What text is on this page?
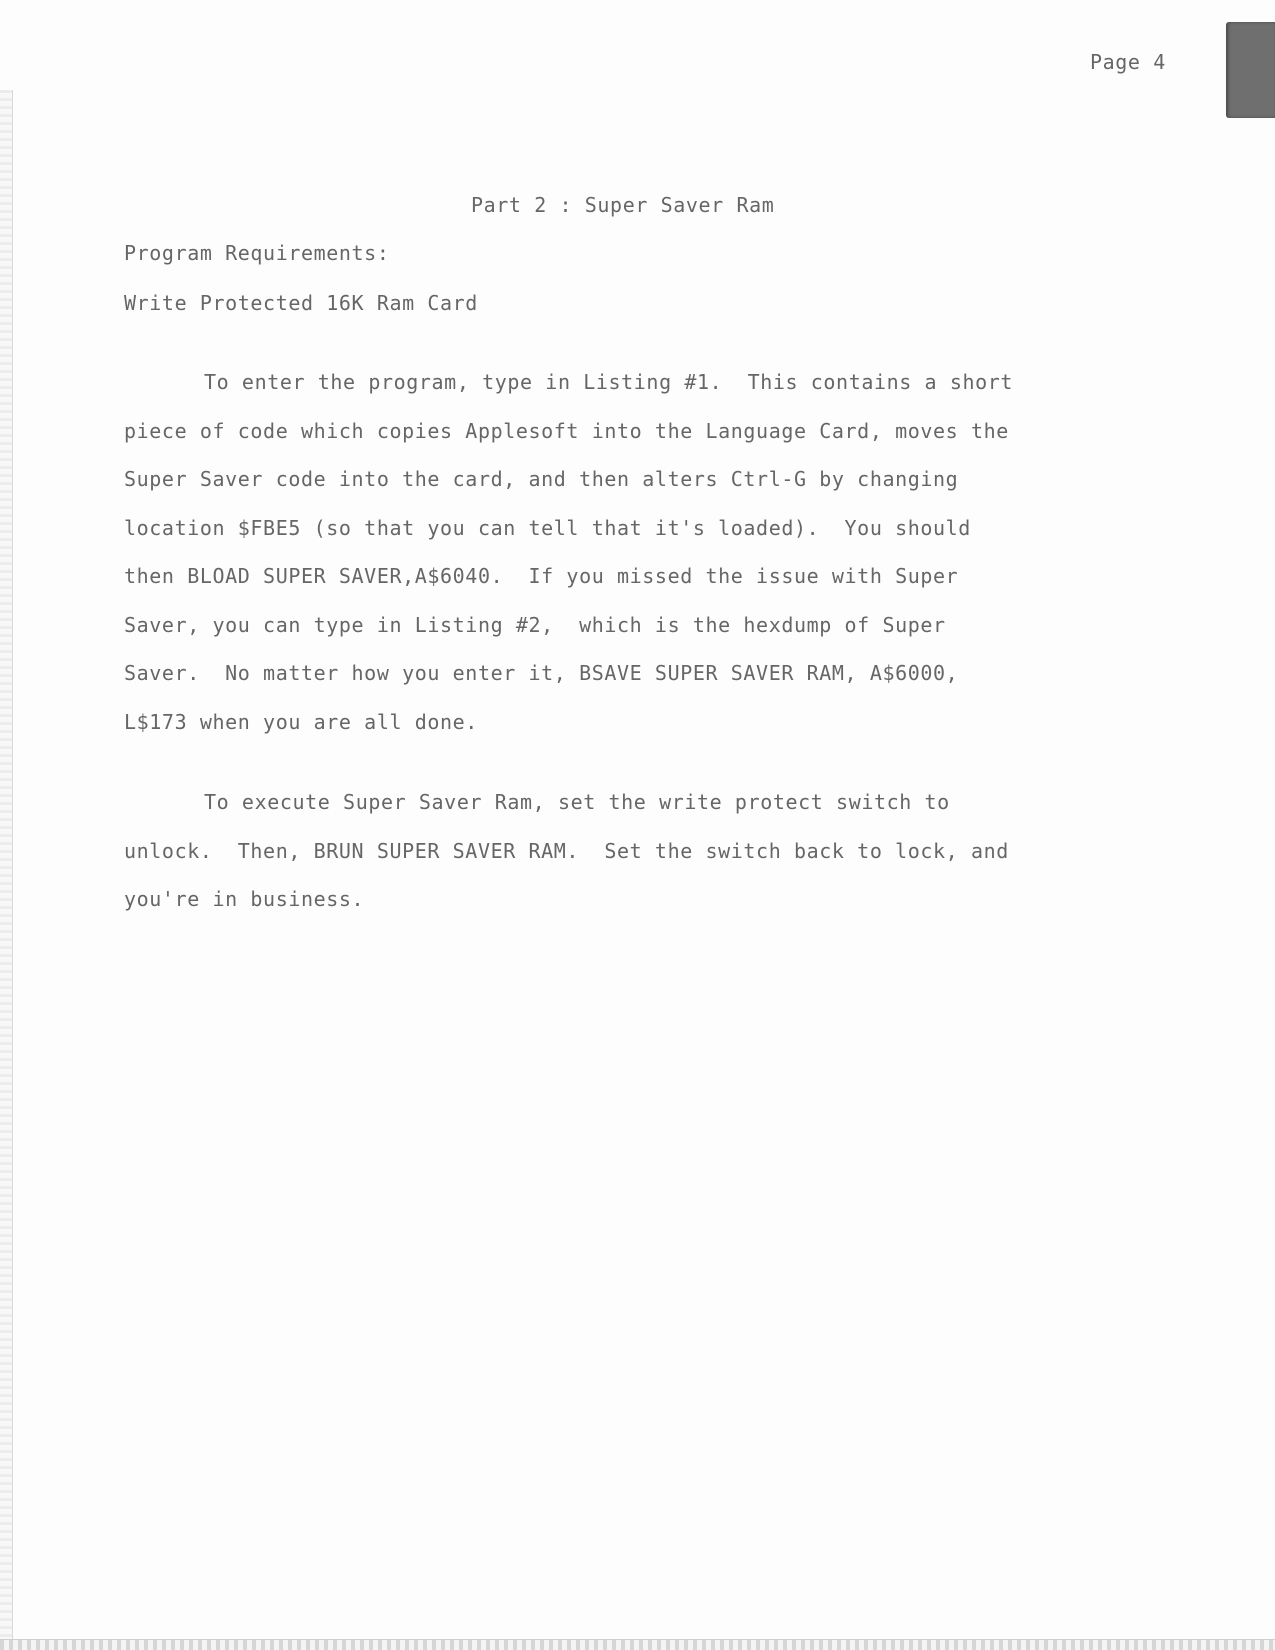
Page 4
Part 2 : Super Saver Ram
Program Requirements:
Write Protected 16K Ram Card
To enter the program, type in Listing #1.  This contains a short
piece of code which copies Applesoft into the Language Card, moves the
Super Saver code into the card, and then alters Ctrl-G by changing
location $FBE5 (so that you can tell that it's loaded).  You should
then BLOAD SUPER SAVER,A$6040.  If you missed the issue with Super
Saver, you can type in Listing #2,  which is the hexdump of Super
Saver.  No matter how you enter it, BSAVE SUPER SAVER RAM, A$6000,
L$173 when you are all done.
To execute Super Saver Ram, set the write protect switch to
unlock.  Then, BRUN SUPER SAVER RAM.  Set the switch back to lock, and
you're in business.
